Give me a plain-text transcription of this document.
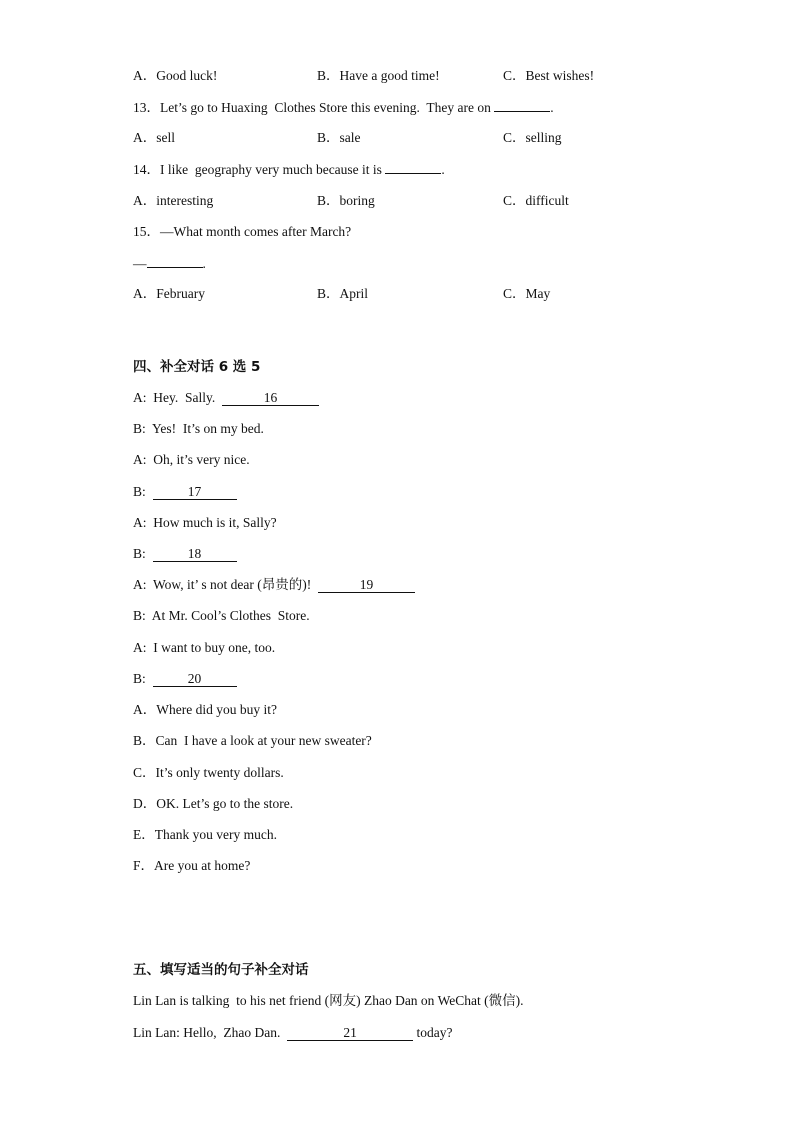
A．Good luck!	B．Have a good time!	C．Best wishes!
13．Let’s go to Huaxing  Clothes Store this evening.  They are on	.
A．sell	B．sale	C．selling
14．I like  geography very much because it is	.
A．interesting	B．boring	C．difficult
15．—What month comes after March?
—	.
A．February	B．April	C．May
四、补全对话 6 选 5
A:  Hey.  Sally.	16
B:  Yes!  It’s on my bed.
A:  Oh, it’s very nice.
B:	17
A:  How much is it, Sally?
B:	18
A:  Wow, it’ s not dear (昂贵的)!	19
B:  At Mr. Cool’s Clothes  Store.
A:  I want to buy one, too.
B:	20
A．Where did you buy it?
B．Can  I have a look at your new sweater?
C．It’s only twenty dollars.
D．OK. Let’s go to the store.
E．Thank you very much.
F．Are you at home?
五、填写适当的句子补全对话
Lin Lan is talking  to his net friend (网友) Zhao Dan on WeChat (微信).
Lin Lan: Hello,  Zhao Dan.	21	today?
